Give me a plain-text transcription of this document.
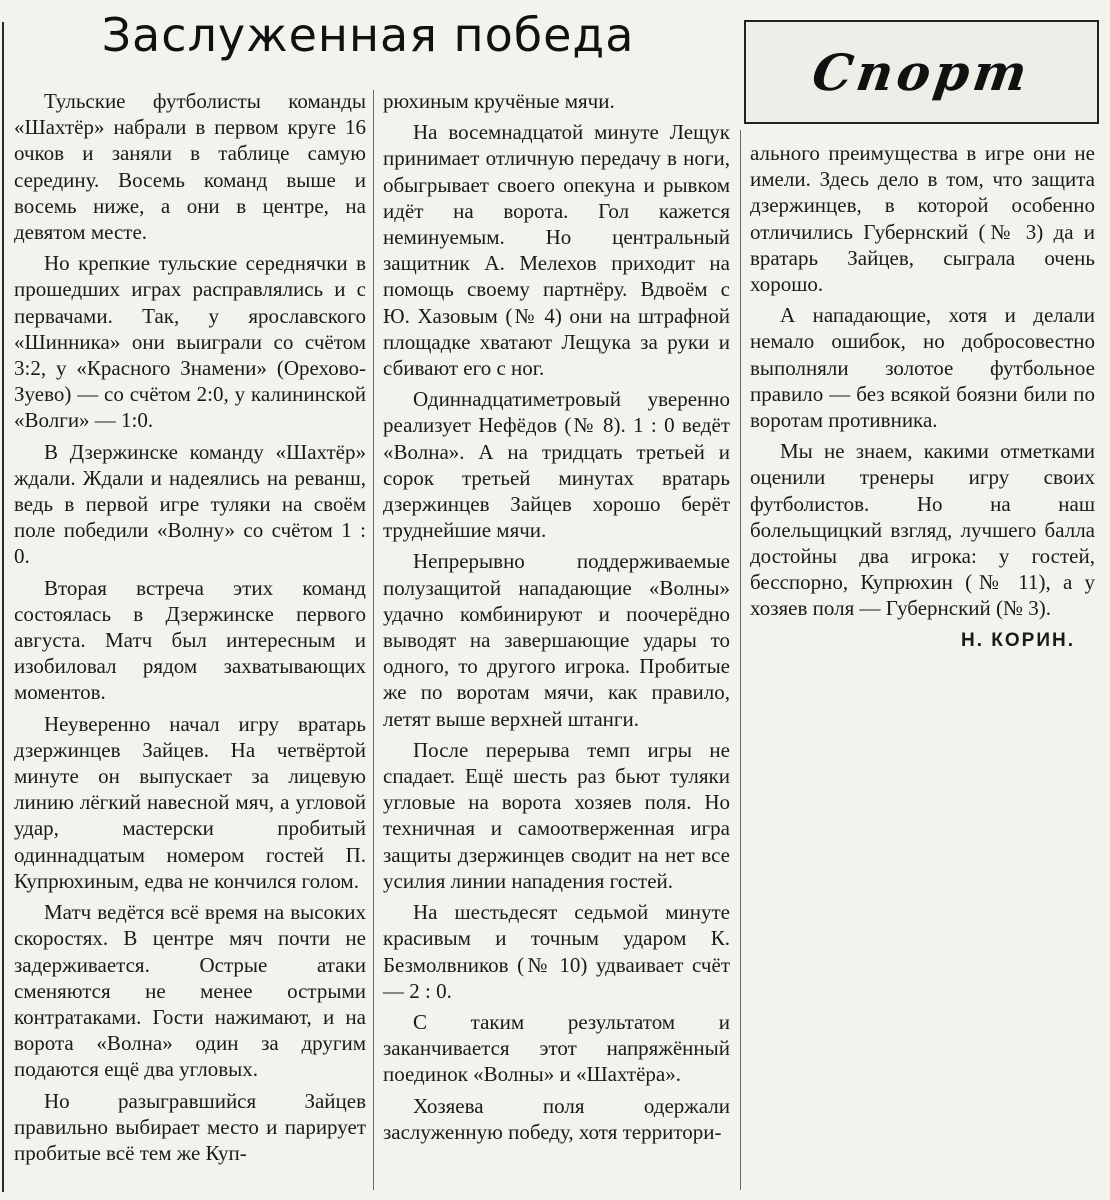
Заслуженная победа
Спорт

Тульские футболисты команды «Шахтёр» набрали в первом круге 16 очков и заняли в таблице самую середину. Восемь команд выше и восемь ниже, а они в центре, на девятом месте.

Но крепкие тульские середнячки в прошедших играх расправлялись и с первачами. Так, у ярославского «Шинника» они выиграли со счётом 3:2, у «Красного Знамени» (Орехово-Зуево) — со счётом 2:0, у калининской «Волги» — 1:0.

В Дзержинске команду «Шахтёр» ждали. Ждали и надеялись на реванш, ведь в первой игре туляки на своём поле победили «Волну» со счётом 1 : 0.

Вторая встреча этих команд состоялась в Дзержинске первого августа. Матч был интересным и изобиловал рядом захватывающих моментов.

Неуверенно начал игру вратарь дзержинцев Зайцев. На четвёртой минуте он выпускает за лицевую линию лёгкий навесной мяч, а угловой удар, мастерски пробитый одиннадцатым номером гостей П. Купрюхиным, едва не кончился голом.

Матч ведётся всё время на высоких скоростях. В центре мяч почти не задерживается. Острые атаки сменяются не менее острыми контратаками. Гости нажимают, и на ворота «Волна» один за другим подаются ещё два угловых.

Но разыгравшийся Зайцев правильно выбирает место и парирует пробитые всё тем же Куп-

рюхиным кручёные мячи.

На восемнадцатой минуте Лещук принимает отличную передачу в ноги, обыгрывает своего опекуна и рывком идёт на ворота. Гол кажется неминуемым. Но центральный защитник А. Мелехов приходит на помощь своему партнёру. Вдвоём с Ю. Хазовым (№ 4) они на штрафной площадке хватают Лещука за руки и сбивают его с ног.

Одиннадцатиметровый уверенно реализует Нефёдов (№ 8). 1 : 0 ведёт «Волна». А на тридцать третьей и сорок третьей минутах вратарь дзержинцев Зайцев хорошо берёт труднейшие мячи.

Непрерывно поддерживаемые полузащитой нападающие «Волны» удачно комбинируют и поочерёдно выводят на завершающие удары то одного, то другого игрока. Пробитые же по воротам мячи, как правило, летят выше верхней штанги.

После перерыва темп игры не спадает. Ещё шесть раз бьют туляки угловые на ворота хозяев поля. Но техничная и самоотверженная игра защиты дзержинцев сводит на нет все усилия линии нападения гостей.

На шестьдесят седьмой минуте красивым и точным ударом К. Безмолвников (№ 10) удваивает счёт — 2 : 0.

С таким результатом и заканчивается этот напряжённый поединок «Волны» и «Шахтёра».

Хозяева поля одержали заслуженную победу, хотя территори-

ального преимущества в игре они не имели. Здесь дело в том, что защита дзержинцев, в которой особенно отличились Губернский (№ 3) да и вратарь Зайцев, сыграла очень хорошо.

А нападающие, хотя и делали немало ошибок, но добросовестно выполняли золотое футбольное правило — без всякой боязни били по воротам противника.

Мы не знаем, какими отметками оценили тренеры игру своих футболистов. Но на наш болельщицкий взгляд, лучшего балла достойны два игрока: у гостей, бесспорно, Купрюхин (№ 11), а у хозяев поля — Губернский (№ 3).

Н. КОРИН.
